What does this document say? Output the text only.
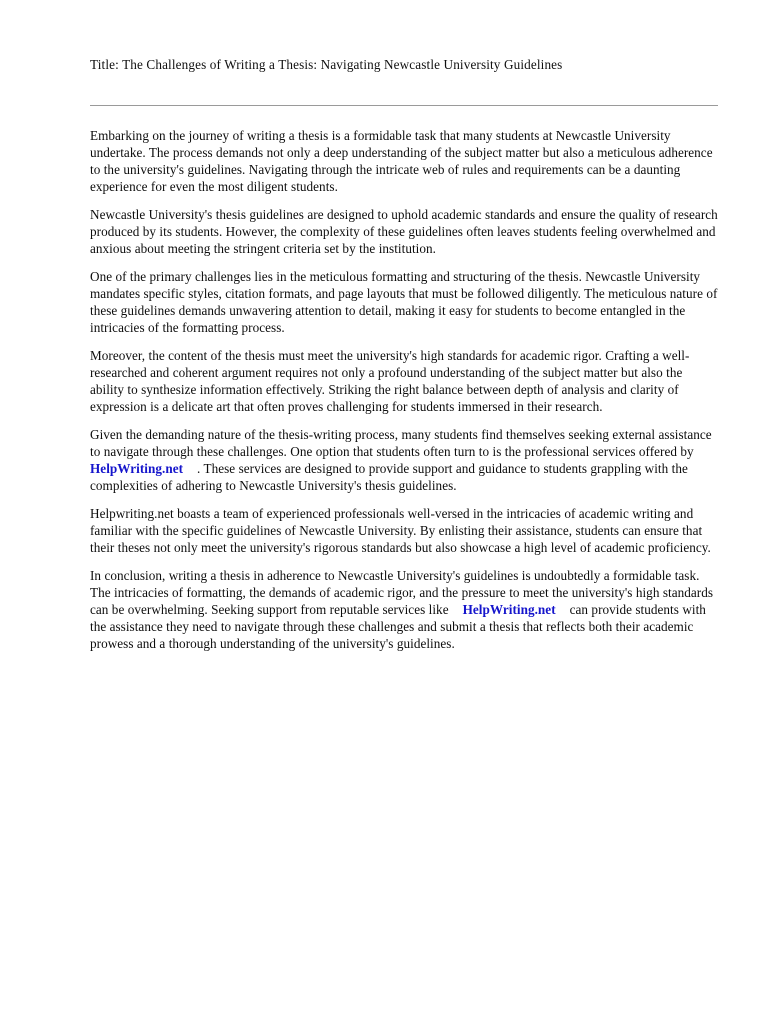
Title: The Challenges of Writing a Thesis: Navigating Newcastle University Guidelines

Embarking on the journey of writing a thesis is a formidable task that many students at Newcastle University undertake. The process demands not only a deep understanding of the subject matter but also a meticulous adherence to the university's guidelines. Navigating through the intricate web of rules and requirements can be a daunting experience for even the most diligent students.

Newcastle University's thesis guidelines are designed to uphold academic standards and ensure the quality of research produced by its students. However, the complexity of these guidelines often leaves students feeling overwhelmed and anxious about meeting the stringent criteria set by the institution.

One of the primary challenges lies in the meticulous formatting and structuring of the thesis. Newcastle University mandates specific styles, citation formats, and page layouts that must be followed diligently. The meticulous nature of these guidelines demands unwavering attention to detail, making it easy for students to become entangled in the intricacies of the formatting process.

Moreover, the content of the thesis must meet the university's high standards for academic rigor. Crafting a well-researched and coherent argument requires not only a profound understanding of the subject matter but also the ability to synthesize information effectively. Striking the right balance between depth of analysis and clarity of expression is a delicate art that often proves challenging for students immersed in their research.

Given the demanding nature of the thesis-writing process, many students find themselves seeking external assistance to navigate through these challenges. One option that students often turn to is the professional services offered byHelpWriting.net . These services are designed to provide support and guidance to students grappling with the complexities of adhering to Newcastle University's thesis guidelines.

Helpwriting.net boasts a team of experienced professionals well-versed in the intricacies of academic writing and familiar with the specific guidelines of Newcastle University. By enlisting their assistance, students can ensure that their theses not only meet the university's rigorous standards but also showcase a high level of academic proficiency.

In conclusion, writing a thesis in adherence to Newcastle University's guidelines is undoubtedly a formidable task. The intricacies of formatting, the demands of academic rigor, and the pressure to meet the university's high standards can be overwhelming. Seeking support from reputable services like HelpWriting.net can provide students with the assistance they need to navigate through these challenges and submit a thesis that reflects both their academic prowess and a thorough understanding of the university's guidelines.
